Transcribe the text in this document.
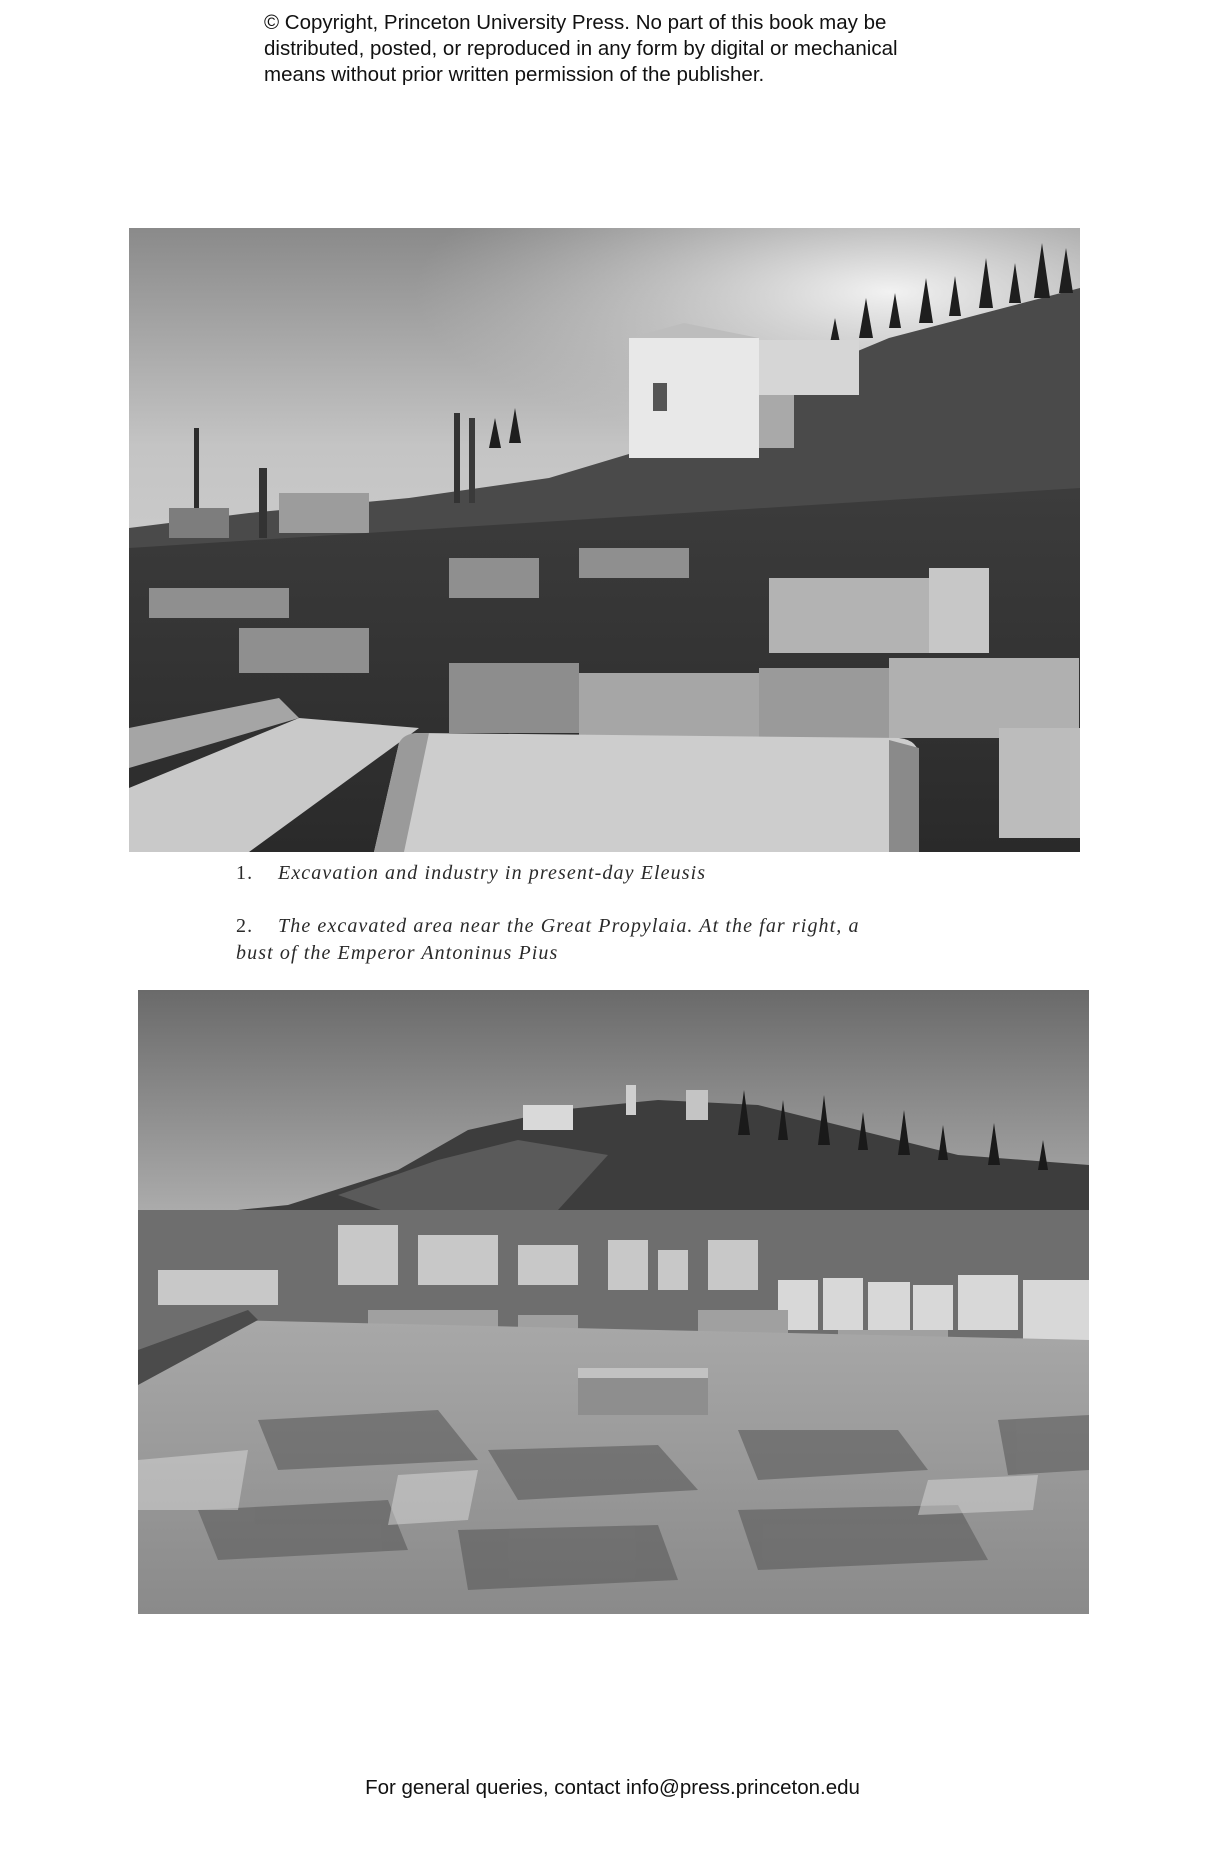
© Copyright, Princeton University Press. No part of this book may be
distributed, posted, or reproduced in any form by digital or mechanical
means without prior written permission of the publisher.
1. Excavation and industry in present-day Eleusis
2. The excavated area near the Great Propylaia. At the far right, a
bust of the Emperor Antoninus Pius
For general queries, contact info@press.princeton.edu
